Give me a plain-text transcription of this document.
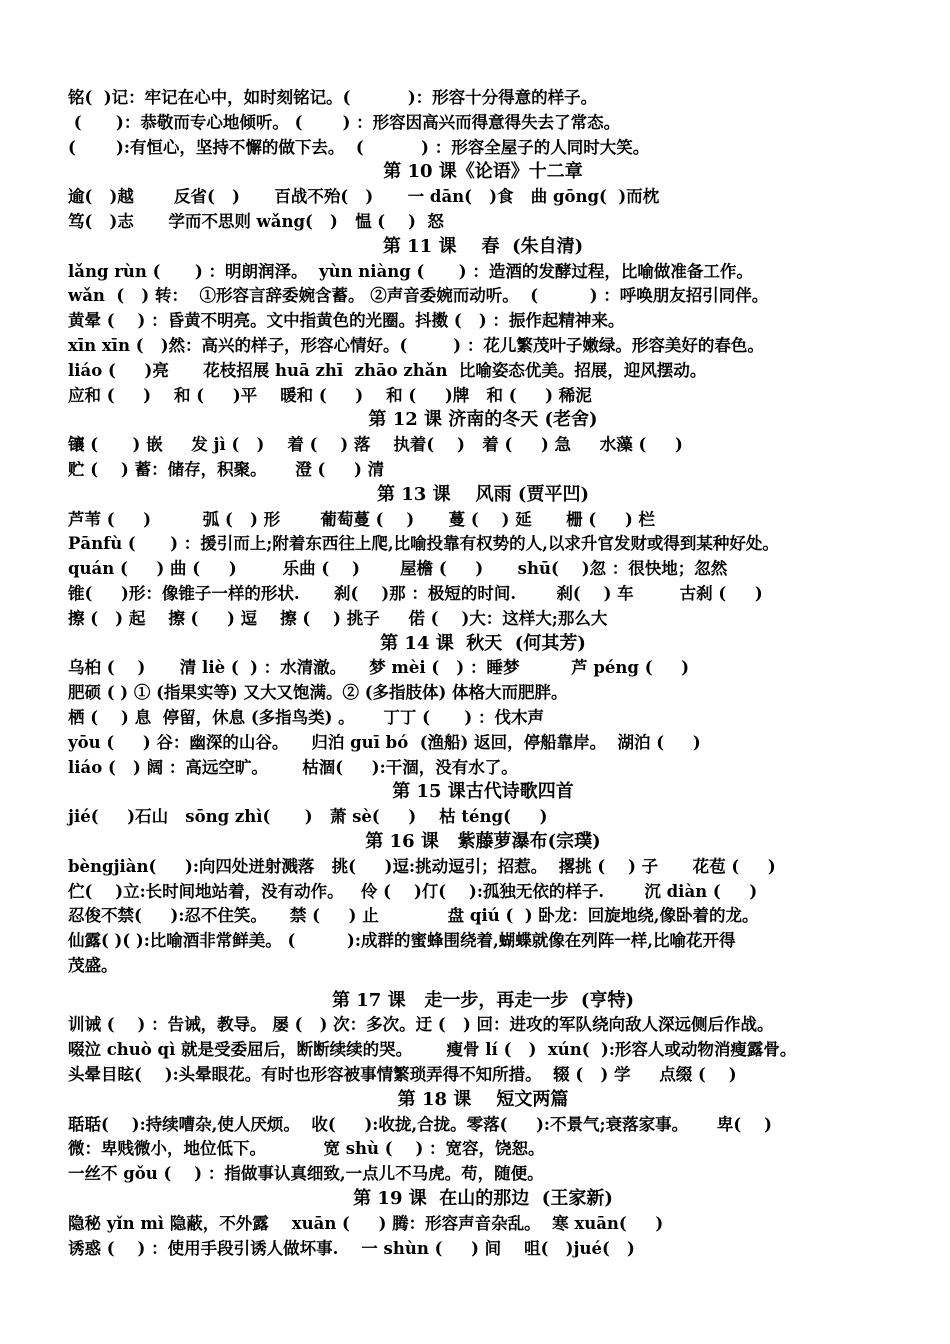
铭(  )记：牢记在心中，如时刻铭记。(          )：形容十分得意的样子。
(      )：恭敬而专心地倾听。 (       ) ：形容因高兴而得意得失去了常态。
(       ):有恒心，坚持不懈的做下去。  (          ) ：形容全屋子的人同时大笑。
第 10 课《论语》十二章
逾(   )越       反省(   )      百战不殆(   )      一 dān(   )食   曲 gōng(  )而枕
笃(   )志      学而不思则 wǎng(   )   愠 (    )  怒
第 11 课    春  (朱自清)
lǎng rùn (      ) ：明朗润泽。  yùn niàng (      ) ：造酒的发酵过程，比喻做准备工作。
wǎn  (   ) 转：  ①形容言辞委婉含蓄。 ②声音委婉而动听。  (         ) ：呼唤朋友招引同伴。
黄晕 (    ) ：昏黄不明亮。文中指黄色的光圈。抖擞 (   ) ：振作起精神来。
xīn xīn (   )然：高兴的样子，形容心情好。(        ) ：花儿繁茂叶子嫩绿。形容美好的春色。
liáo (     )亮      花枝招展 huā zhī  zhāo zhǎn  比喻姿态优美。招展，迎风摆动。
应和 (     )    和 (     )平    暖和 (     )    和 (     )牌   和 (     ) 稀泥
第 12 课 济南的冬天 (老舍)
镶 (      ) 嵌     发 jì (   )    着 (    ) 落    执着(    )   着 (     ) 急     水藻 (     )
贮 (    ) 蓄：储存，积聚。     澄 (     ) 清
第 13 课    风雨 (贾平凹)
芦苇 (     )         弧 (   ) 形       葡萄蔓 (    )      蔓 (    ) 延      栅 (     ) 栏
Pānfù (      ) ：援引而上;附着东西往上爬,比喻投靠有权势的人,以求升官发财或得到某种好处。
quán (     ) 曲 (     )        乐曲 (    )       屋檐 (     )      shū(    )忽 ：很快地；忽然
锥(     )形：像锥子一样的形状.      刹(    )那 ：极短的时间.       刹(    ) 车        古刹 (     )
擦 (   ) 起    擦 (     ) 逗    擦 (    ) 挑子     偌 (    )大：这样大;那么大
第 14 课  秋天  (何其芳)
乌桕 (    )      清 liè (  ) ：水清澈。    梦 mèi (   ) ：睡梦         芦 péng (     )
肥硕 ( ) ① (指果实等) 又大又饱满。② (多指肢体) 体格大而肥胖。
栖 (    ) 息  停留，休息 (多指鸟类) 。     丁丁 (      ) ：伐木声
yōu (     ) 谷：幽深的山谷。    归泊 guī bó  (渔船) 返回，停船靠岸。  湖泊 (     )
liáo (   ) 阔 ：高远空旷。      枯涸(     ):干涸，没有水了。
第 15 课古代诗歌四首
jié(     )石山   sōng zhì(      )   萧 sè(     )    枯 téng(     )
第 16 课   紫藤萝瀑布(宗璞)
bèngjiàn(     ):向四处迸射溅落   挑(     )逗:挑动逗引；招惹。  撂挑 (    ) 子      花苞 (     )
伫(    )立:长时间地站着，没有动作。   伶 (    )仃(    ):孤独无依的样子.       沉 diàn (     )
忍俊不禁(     ):忍不住笑。    禁 (     ) 止            盘 qiú (  ) 卧龙：回旋地绕,像卧着的龙。
仙露( )( ):比喻酒非常鲜美。 (         ):成群的蜜蜂围绕着,蝴蝶就像在列阵一样,比喻花开得
茂盛。
第 17 课   走一步，再走一步  (亨特)
训诫 (    ) ：告诫，教导。 屡 (   ) 次：多次。迂 (   ) 回：进攻的军队绕向敌人深远侧后作战。
啜泣 chuò qì 就是受委屈后，断断续续的哭。      瘦骨 lí (   )  xún(  ):形容人或动物消瘦露骨。
头晕目眩(    ):头晕眼花。有时也形容被事情繁琐弄得不知所措。  辍 (   ) 学     点缀 (    )
第 18 课    短文两篇
聒聒(    ):持续嘈杂,使人厌烦。  收(     ):收拢,合拢。零落(     ):不景气;衰落家事。     卑(    )
微：卑贱微小，地位低下。          宽 shù (    ) ：宽容，饶恕。
一丝不 gǒu (    ) ：指做事认真细致,一点儿不马虎。苟，随便。
第 19 课  在山的那边  (王家新)
隐秘 yǐn mì 隐蔽，不外露    xuān (     ) 腾：形容声音杂乱。  寒 xuān(     )
诱惑 (    ) ：使用手段引诱人做坏事.    一 shùn (     ) 间    咀(   )jué(   )
